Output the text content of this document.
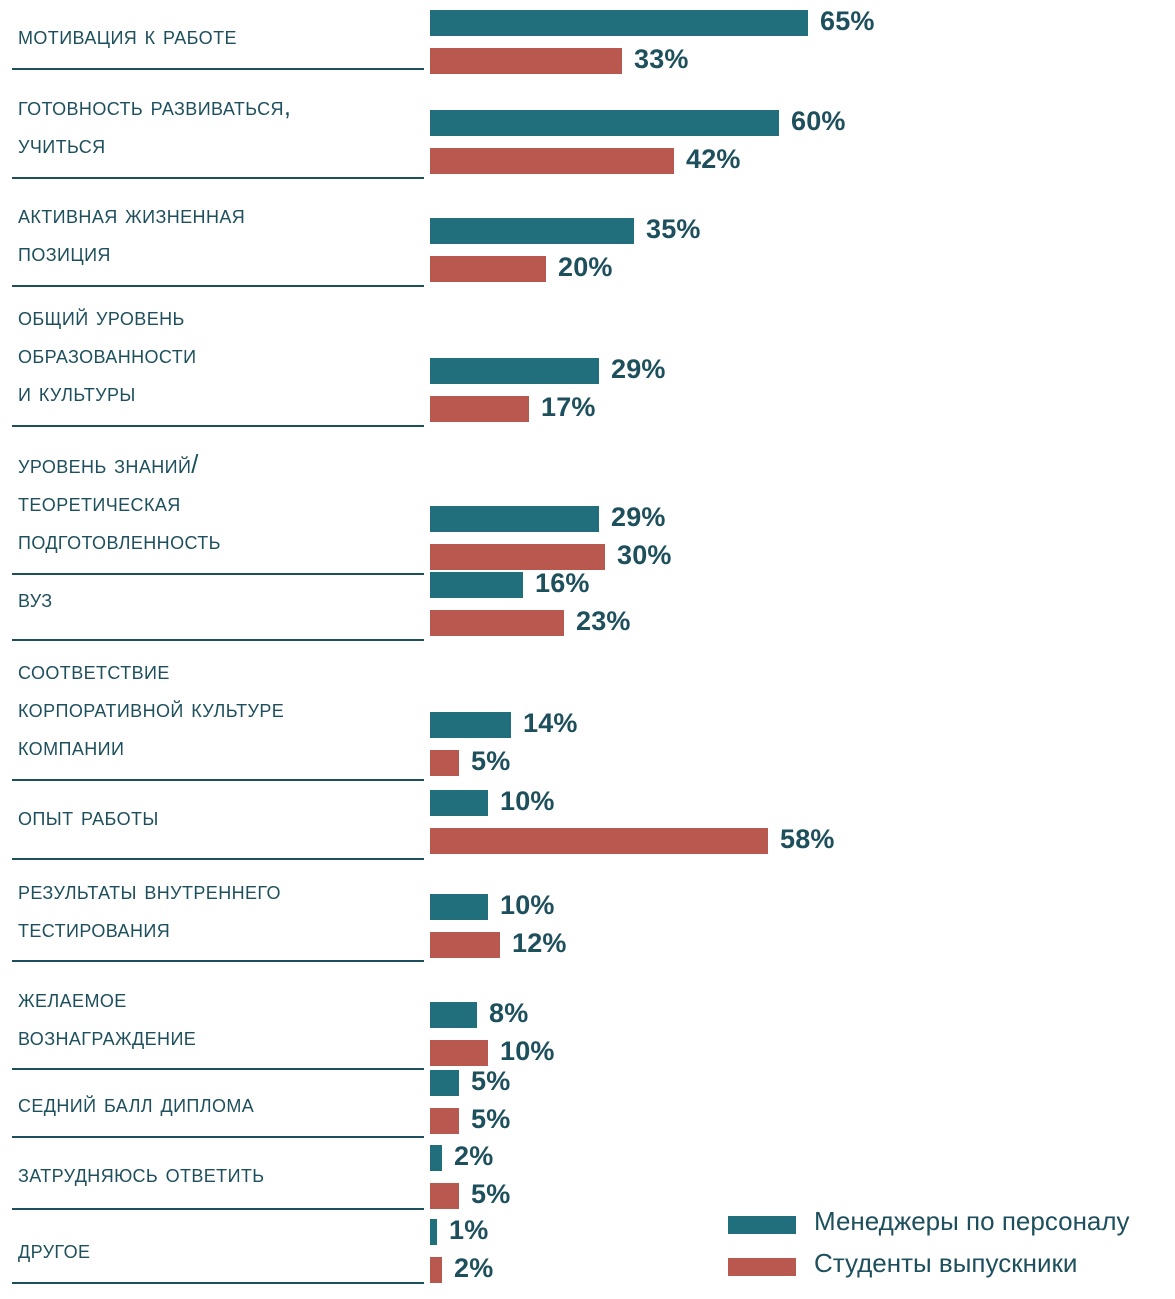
мотивация к работе	65%
33%
готовность развиваться,
учиться
60%
42%
активная жизненная
позиция
35%
20%
общий уровень
образованности
и культуры
29%
17%
уровень знаний/
теоретическая
подготовленность
29%
30%
вуз
16%
23%
соответствие
корпоративной культуре
компании
14%
5%
опыт работы
10%
58%
результаты внутреннего
тестирования
10%
12%
желаемое
вознаграждение
8%
10%
седний балл диплома
5%
5%
затрудняюсь ответить
2%
5%
другое
1%
2%
Менеджеры по персоналу
Студенты выпускники
